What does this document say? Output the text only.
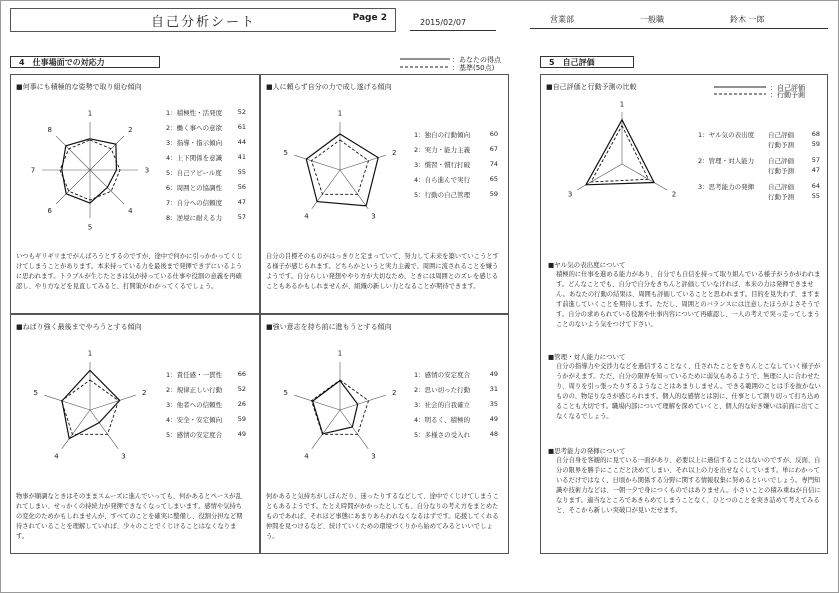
自己分析シート	Page 2	2015/02/07	営業部	一般職	鈴木 一郎
4　仕事場面での対応力	：あなたの得点
：基準(50点)
■何事にも積極的な姿勢で取り組む傾向
1
2
3
4
5
6
7
8
1：積極性・活発度 52
2：働く事への意欲 61
3：指導・指示傾向 44
4：上下関係を意識 41
5：自己アピール度 55
6：周囲との協調性 56
7：自分への信頼度 47
8：逆境に耐える力 57
いつもギリギリまでがんばろうとするのですが、途中で何かに引っかかってくじけてしまうことがあります。本来持っている力を最後まで発揮できずにいるように思われます。トラブルが生じたときは気が持っている仕事や役割の意義を再確認し、やり方などを見直してみると、打開策がわかってくるでしょう。
■人に頼らず自分の力で成し遂げる傾向
1
2
3
4
5
1：独自の行動傾向	60
2：実力・能力主義	67
3：慣習・慣行打破	74
4：自ら進んで実行	65
5：行動の自己管理	59
自分の目標そのものがはっきりと定まっていて、努力して未来を築いていこうとする様子が感じられます。どちらかというと実力主義で、周囲に流されることを嫌うようです。自分らしい発想ややり方が大切なため、ときには周囲とのズレを感じることもあるかもしれませんが、組織の新しい力となることが期待できます。
■ねばり強く最後までやろうとする傾向
1
2
3
4
5
1：責任感・一貫性 66
2：規律正しい行動 52
3：他者への信頼性 26
4：安全・安定傾向 59
5：感情の安定度合 49
物事が順調なときはそのままスムーズに進んでいっても、何かあるとペースが乱れてしまい、せっかくの持続力が発揮できなくなってしまいます。感情や気持ちの変化のためかもしれませんが、すべてのことを確実に整備し、役割分担など期待されていることを理解していれば、少々のことでくじけることはなくなります。
■強い意志を持ち前に進もうとする傾向
1
2
3
4
5
1：感情の安定度合	49
2：思い切った行動	31
3：社会的自我確立	35
4：明るく、積極的	49
5：多様さの受入れ	48
何かあると気持ちがしぼんだり、迷ったりするなどして、途中でくじけてしまうこともあるようです。たとえ時間がかかったとしても、自分なりの考え方をまとめたものであれば、それほど事態にあまりあらわれなくなるはずです。応援してくれる仲間を見つけるなど、続けていくための環境づくりから始めてみるといいでしょう。
5　自己評価
■自己評価と行動予測の比較	：自己評価
：行動予測
1
2
3
1：ヤル気の表出度 自己評価	68
行動予測	59
2：管理・対人能力 自己評価	57
行動予測	47
3：思考能力の発揮 自己評価	64
行動予測	55
■ヤル気の表出度について
積極的に仕事を進める能力があり、自分でも自信を持って取り組んでいる様子がうかがわれます。どんなことでも、自分で自分をきちんと評価していなければ、本来の力は発揮できません。あなたの行動の結果は、周囲も評価していることと思われます。目的を見失わず、ますます前進していくことを期待します。ただし、周囲とのバランスには注意したほうがよさそうです。自分の求められている役割や仕事内容について再確認し、一人の考えで突っ走ってしまうことのないよう気をつけて下さい。
■管理・対人能力について
自分の指導力や交渉力などを過信することなく、任されたことをきちんとこなしていく様子がうかがえます。ただ、自分の限界を知っているために弱気もあるようで、無理に人に合わせたり、周りを引っ張ったりするようなことはあまりしません。できる範囲のことは手を抜かないものの、物足りなさが感じられます。個人的な感情とは別に、仕事として割り切って打ち込めることも大切です。職場内部について理解を深めていくと、個人的な好き嫌いは前面に出てこなくなるでしょう。
■思考能力の発揮について
自分自身を客観的に見ている一面があり、必要以上に過信することはないのですが、反面、自分の限界を勝手にここだと決めてしまい、それ以上の力を出せなくしています。単にわかっているだけではなく、日頃から関係する分野に関する情報収集に努めるといいでしょう。専門知識や技術力などは、一朝一夕で身につくものではありません。小さいことの積み重ねが自信になります。適当なところであきらめてしまうことなく、ひとつのことを突き詰めて考えてみると、そこから新しい突破口が見いだせます。
